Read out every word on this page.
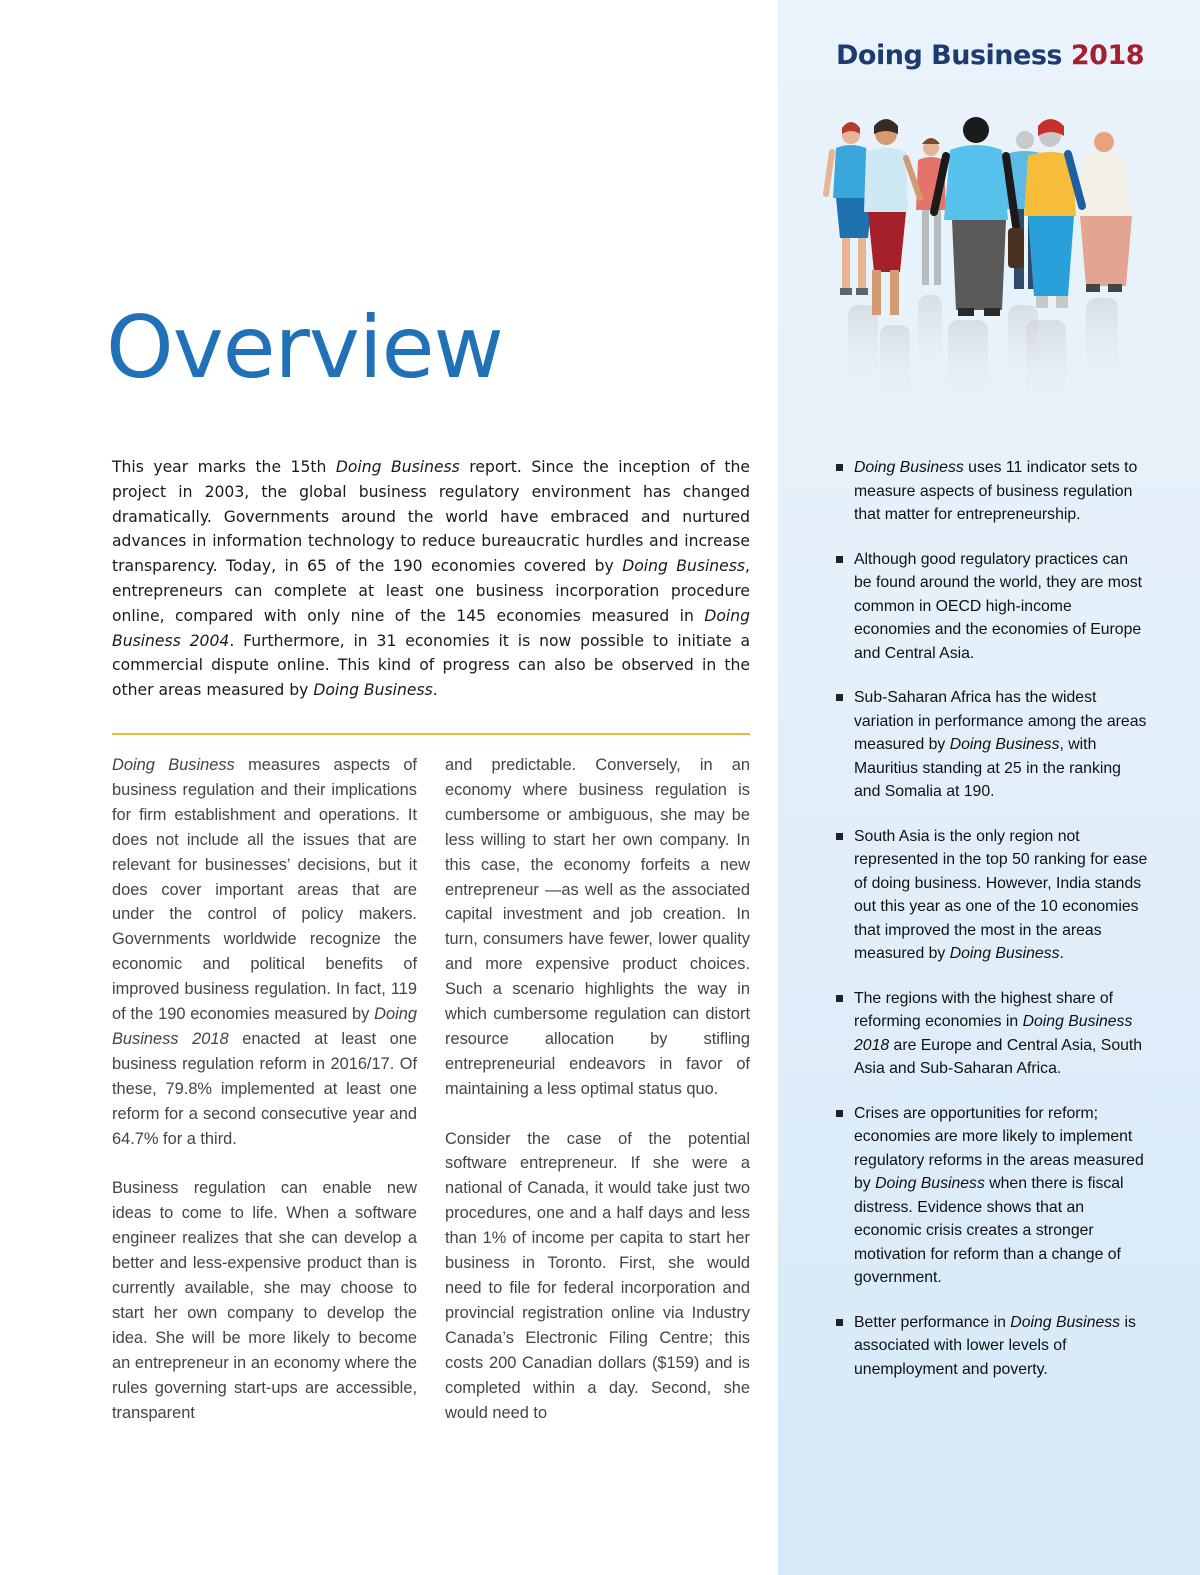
Doing Business 2018
Overview
This year marks the 15th Doing Business report. Since the inception of the project in 2003, the global business regulatory environment has changed dramatically. Governments around the world have embraced and nurtured advances in information technology to reduce bureaucratic hurdles and increase transparency. Today, in 65 of the 190 economies covered by Doing Business, entrepreneurs can complete at least one business incorporation procedure online, compared with only nine of the 145 economies measured in Doing Business 2004. Furthermore, in 31 economies it is now possible to initiate a commercial dispute online. This kind of progress can also be observed in the other areas measured by Doing Business.

Doing Business measures aspects of business regulation and their implications for firm establishment and operations. It does not include all the issues that are relevant for businesses’ decisions, but it does cover important areas that are under the control of policy makers. Governments worldwide recognize the economic and political benefits of improved business regulation. In fact, 119 of the 190 economies measured by Doing Business 2018 enacted at least one business regulation reform in 2016/17. Of these, 79.8% implemented at least one reform for a second consecutive year and 64.7% for a third.

Business regulation can enable new ideas to come to life. When a software engineer realizes that she can develop a better and less-expensive product than is currently available, she may choose to start her own company to develop the idea. She will be more likely to become an entrepreneur in an economy where the rules governing start-ups are accessible, transparent

and predictable. Conversely, in an economy where business regulation is cumbersome or ambiguous, she may be less willing to start her own company. In this case, the economy forfeits a new entrepreneur —as well as the associated capital investment and job creation. In turn, consumers have fewer, lower quality and more expensive product choices. Such a scenario highlights the way in which cumbersome regulation can distort resource allocation by stifling entrepreneurial endeavors in favor of maintaining a less optimal status quo.

Consider the case of the potential software entrepreneur. If she were a national of Canada, it would take just two procedures, one and a half days and less than 1% of income per capita to start her business in Toronto. First, she would need to file for federal incorporation and provincial registration online via Industry Canada’s Electronic Filing Centre; this costs 200 Canadian dollars ($159) and is completed within a day. Second, she would need to

Doing Business uses 11 indicator sets to measure aspects of business regulation that matter for entrepreneurship.
Although good regulatory practices can be found around the world, they are most common in OECD high-income economies and the economies of Europe and Central Asia.
Sub-Saharan Africa has the widest variation in performance among the areas measured by Doing Business, with Mauritius standing at 25 in the ranking and Somalia at 190.
South Asia is the only region not represented in the top 50 ranking for ease of doing business. However, India stands out this year as one of the 10 economies that improved the most in the areas measured by Doing Business.
The regions with the highest share of reforming economies in Doing Business 2018 are Europe and Central Asia, South Asia and Sub-Saharan Africa.
Crises are opportunities for reform; economies are more likely to implement regulatory reforms in the areas measured by Doing Business when there is fiscal distress. Evidence shows that an economic crisis creates a stronger motivation for reform than a change of government.
Better performance in Doing Business is associated with lower levels of unemployment and poverty.
